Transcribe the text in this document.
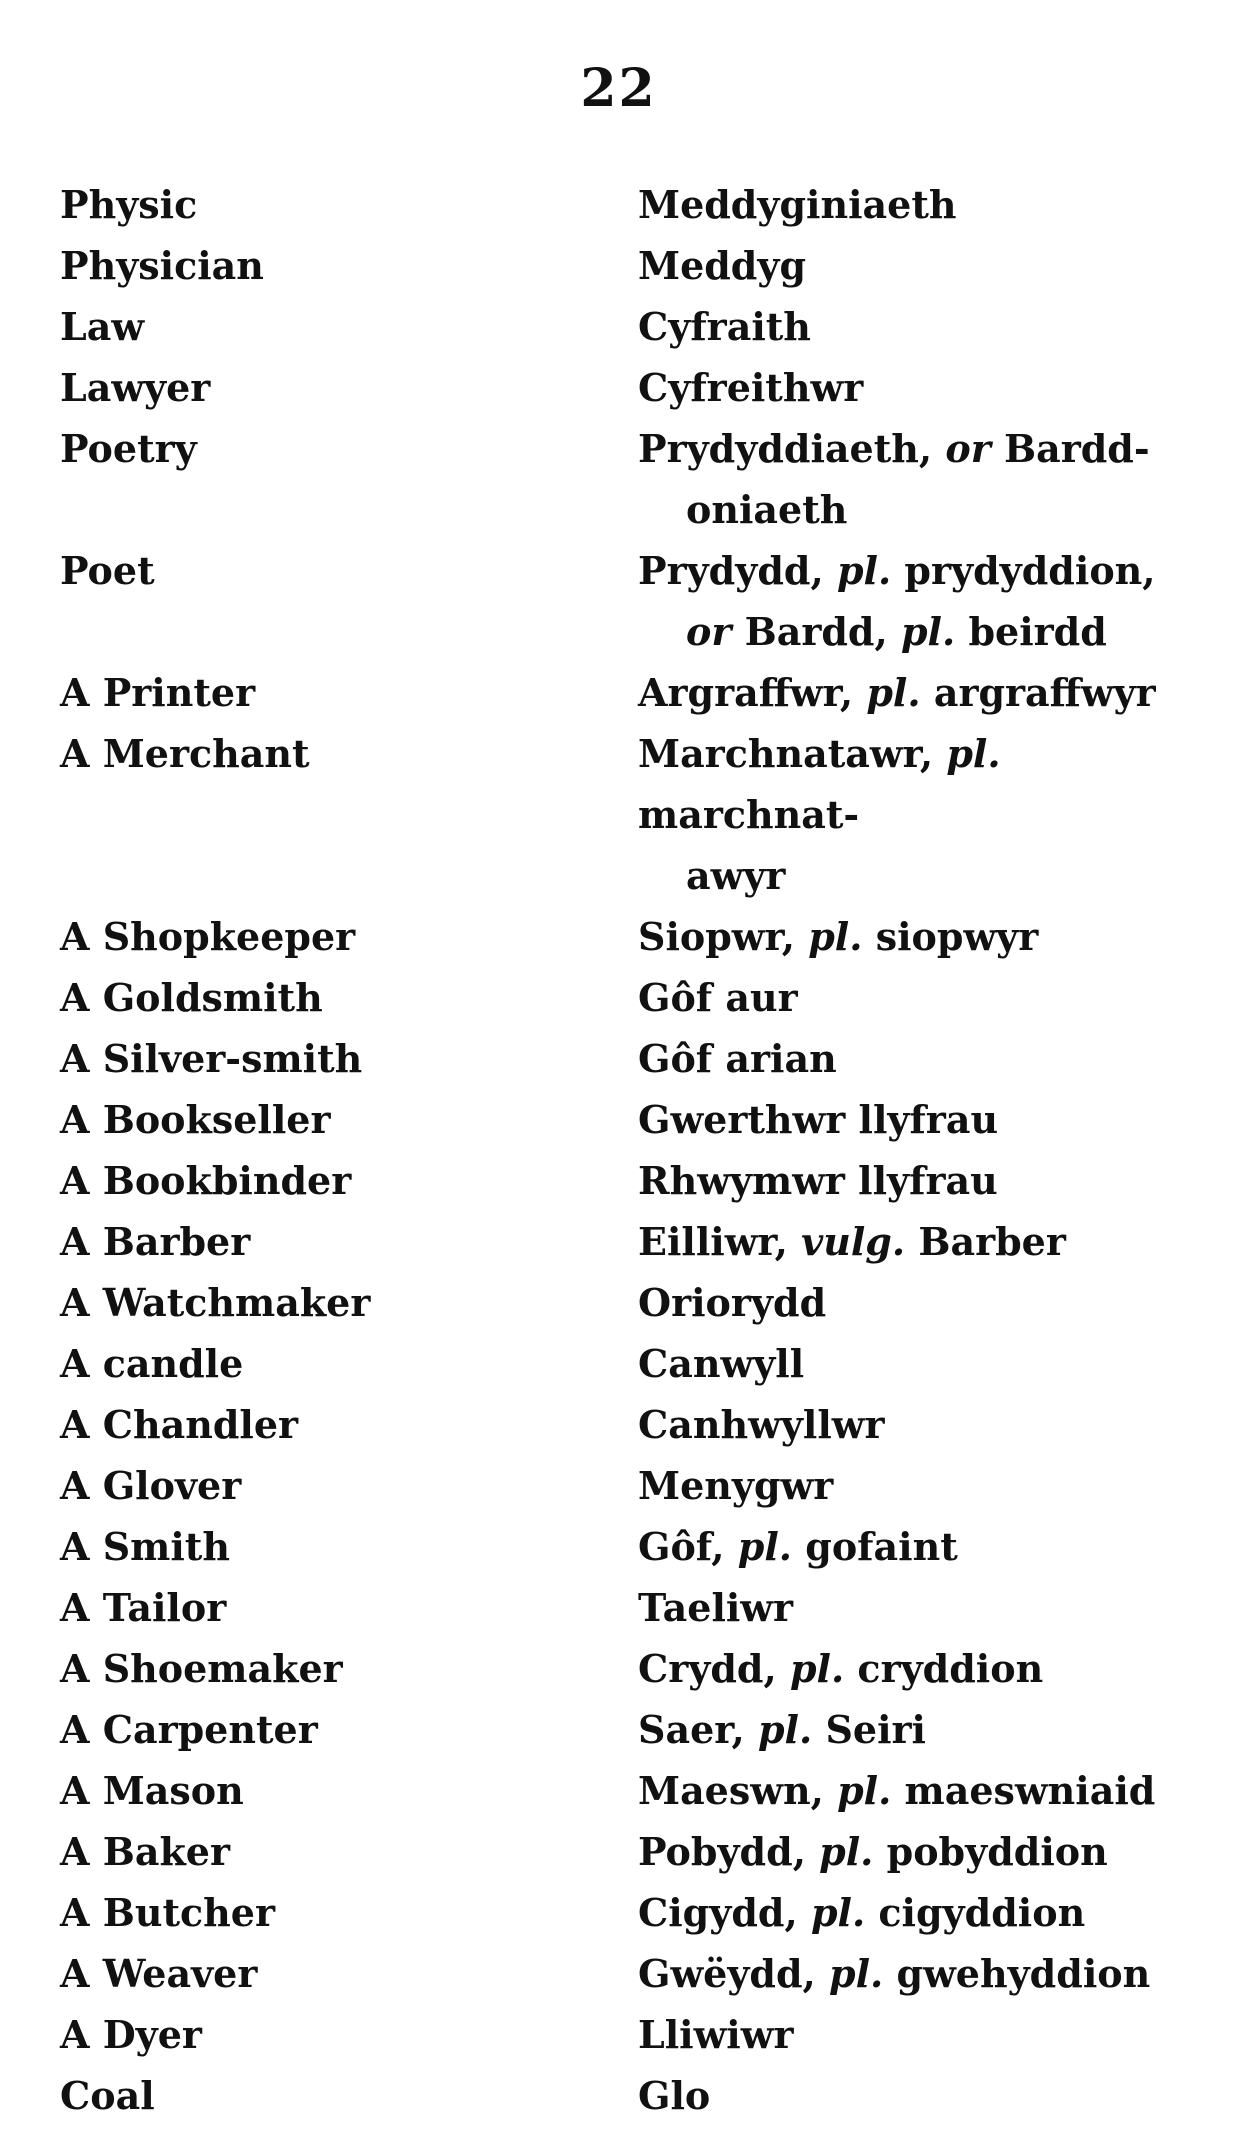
22
Physic	Meddyginiaeth
Physician	Meddyg
Law	Cyfraith
Lawyer	Cyfreithwr
Poetry	Prydyddiaeth, or Bardd-
oniaeth
Poet	Prydydd, pl. prydyddion,
or Bardd, pl. beirdd
A Printer	Argraffwr, pl. argraffwyr
A Merchant	Marchnatawr, pl. marchnat-
awyr
A Shopkeeper	Siopwr, pl. siopwyr
A Goldsmith	Gôf aur
A Silver-smith	Gôf arian
A Bookseller	Gwerthwr llyfrau
A Bookbinder	Rhwymwr llyfrau
A Barber	Eilliwr, vulg. Barber
A Watchmaker	Oriorydd
A candle	Canwyll
A Chandler	Canhwyllwr
A Glover	Menygwr
A Smith	Gôf, pl. gofaint
A Tailor	Taeliwr
A Shoemaker	Crydd, pl. cryddion
A Carpenter	Saer, pl. Seiri
A Mason	Maeswn, pl. maeswniaid
A Baker	Pobydd, pl. pobyddion
A Butcher	Cigydd, pl. cigyddion
A Weaver	Gwëydd, pl. gwehyddion
A Dyer	Lliwiwr
Coal	Glo
